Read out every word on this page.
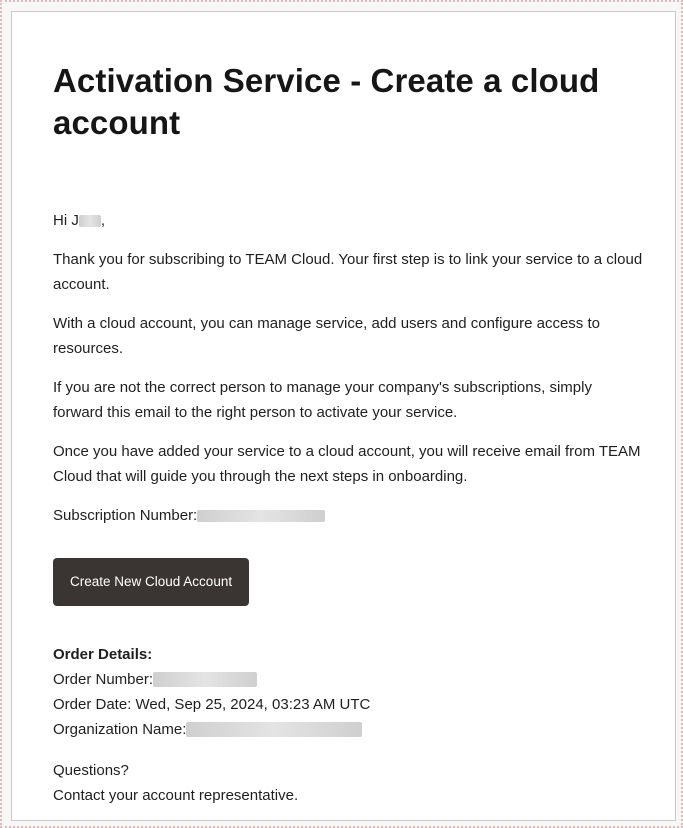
Activation Service - Create a cloud account
Hi J ,

Thank you for subscribing to TEAM Cloud. Your first step is to link your service to a cloud account.

With a cloud account, you can manage service, add users and configure access to resources.

If you are not the correct person to manage your company's subscriptions, simply forward this email to the right person to activate your service.

Once you have added your service to a cloud account, you will receive email from TEAM Cloud that will guide you through the next steps in onboarding.

Subscription Number:
Create New Cloud Account
Order Details:
Order Number:
Order Date: Wed, Sep 25, 2024, 03:23 AM UTC
Organization Name:
Questions?
Contact your account representative.
